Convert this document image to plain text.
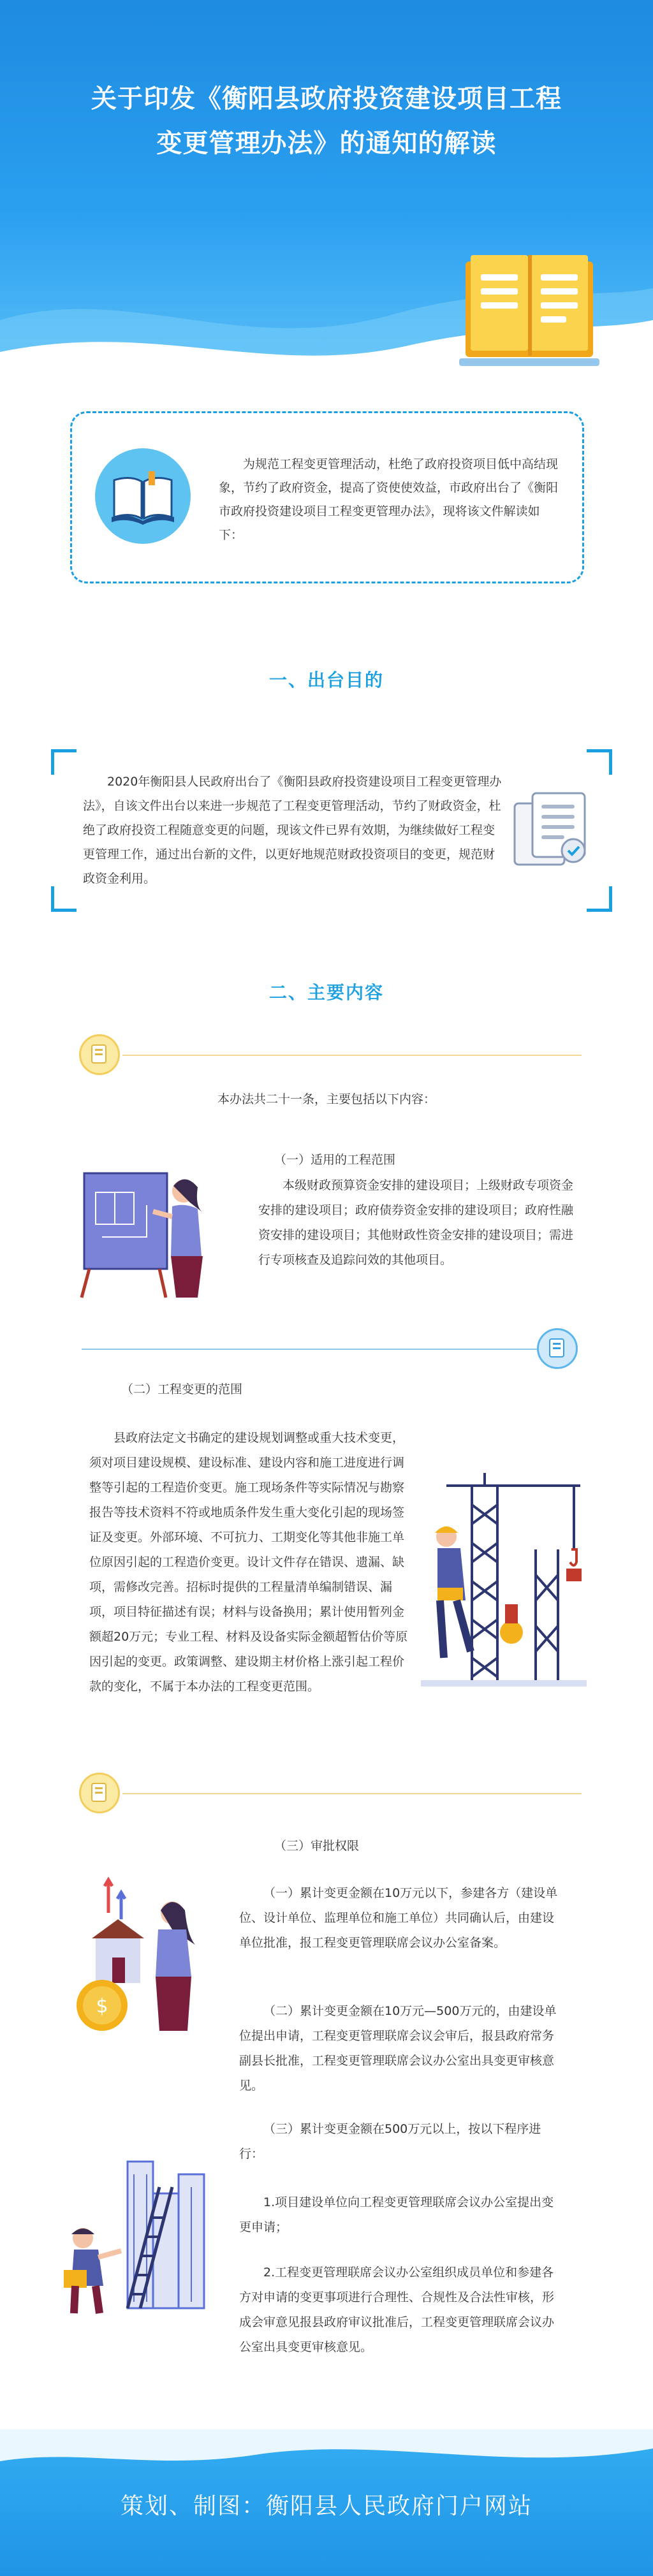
关于印发《衡阳县政府投资建设项目工程
变更管理办法》的通知的解读
为规范工程变更管理活动，杜绝了政府投资项目低中高结现象，节约了政府资金，提高了资使使效益，市政府出台了《衡阳市政府投资建设项目工程变更管理办法》，现将该文件解读如下：
一、出台目的
2020年衡阳县人民政府出台了《衡阳县政府投资建设项目工程变更管理办法》，自该文件出台以来进一步规范了工程变更管理活动，节约了财政资金，杜绝了政府投资工程随意变更的问题，现该文件已界有效期，为继续做好工程变更管理工作，通过出台新的文件，以更好地规范财政投资项目的变更，规范财政资金利用。
二、主要内容
本办法共二十一条，主要包括以下内容：
（一）适用的工程范围
本级财政预算资金安排的建设项目；上级财政专项资金安排的建设项目；政府债券资金安排的建设项目；政府性融资安排的建设项目；其他财政性资金安排的建设项目；需进行专项核查及追踪问效的其他项目。
（二）工程变更的范围
县政府法定文书确定的建设规划调整或重大技术变更，须对项目建设规模、建设标准、建设内容和施工进度进行调整等引起的工程造价变更。施工现场条件等实际情况与勘察报告等技术资料不符或地质条件发生重大变化引起的现场签证及变更。外部环境、不可抗力、工期变化等其他非施工单位原因引起的工程造价变更。设计文件存在错误、遗漏、缺项，需修改完善。招标时提供的工程量清单编制错误、漏项，项目特征描述有误；材料与设备换用；累计使用暂列金额超20万元；专业工程、材料及设备实际金额超暂估价等原因引起的变更。政策调整、建设期主材价格上涨引起工程价款的变化，不属于本办法的工程变更范围。
（三）审批权限
$
（一）累计变更金额在10万元以下，参建各方（建设单位、设计单位、监理单位和施工单位）共同确认后，由建设单位批准，报工程变更管理联席会议办公室备案。
（二）累计变更金额在10万元—500万元的，由建设单位提出申请，工程变更管理联席会议会审后，报县政府常务副县长批准，工程变更管理联席会议办公室出具变更审核意见。
（三）累计变更金额在500万元以上，按以下程序进行：
1.项目建设单位向工程变更管理联席会议办公室提出变更申请；
2.工程变更管理联席会议办公室组织成员单位和参建各方对申请的变更事项进行合理性、合规性及合法性审核，形成会审意见报县政府审议批准后，工程变更管理联席会议办公室出具变更审核意见。
策划、制图：衡阳县人民政府门户网站
